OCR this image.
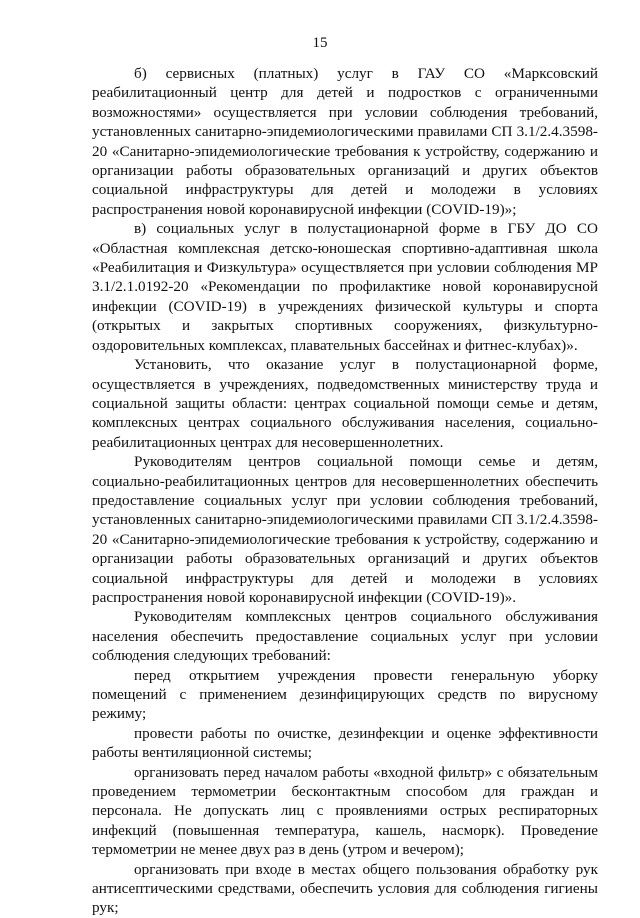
15

б) сервисных (платных) услуг в ГАУ СО «Марксовский реабилитационный центр для детей и подростков с ограниченными возможностями» осуществляется при условии соблюдения требований, установленных санитарно-эпидемиологическими правилами СП 3.1/2.4.3598-20 «Санитарно-эпидемиологические требования к устройству, содержанию и организации работы образовательных организаций и других объектов социальной инфраструктуры для детей и молодежи в условиях распространения новой коронавирусной инфекции (COVID-19)»;

в) социальных услуг в полустационарной форме в ГБУ ДО СО «Областная комплексная детско-юношеская спортивно-адаптивная школа «Реабилитация и Физкультура» осуществляется при условии соблюдения МР 3.1/2.1.0192-20 «Рекомендации по профилактике новой коронавирусной инфекции (COVID-19) в учреждениях физической культуры и спорта (открытых и закрытых спортивных сооружениях, физкультурно-оздоровительных комплексах, плавательных бассейнах и фитнес-клубах)».

Установить, что оказание услуг в полустационарной форме, осуществляется в учреждениях, подведомственных министерству труда и социальной защиты области: центрах социальной помощи семье и детям, комплексных центрах социального обслуживания населения, социально-реабилитационных центрах для несовершеннолетних.

Руководителям центров социальной помощи семье и детям, социально-реабилитационных центров для несовершеннолетних обеспечить предоставление социальных услуг при условии соблюдения требований, установленных санитарно-эпидемиологическими правилами СП 3.1/2.4.3598-20 «Санитарно-эпидемиологические требования к устройству, содержанию и организации работы образовательных организаций и других объектов социальной инфраструктуры для детей и молодежи в условиях распространения новой коронавирусной инфекции (COVID-19)».

Руководителям комплексных центров социального обслуживания населения обеспечить предоставление социальных услуг при условии соблюдения следующих требований:

перед открытием учреждения провести генеральную уборку помещений с применением дезинфицирующих средств по вирусному режиму;

провести работы по очистке, дезинфекции и оценке эффективности работы вентиляционной системы;

организовать перед началом работы «входной фильтр» с обязательным проведением термометрии бесконтактным способом для граждан и персонала. Не допускать лиц с проявлениями острых респираторных инфекций (повышенная температура, кашель, насморк). Проведение термометрии не менее двух раз в день (утром и вечером);

организовать при входе в местах общего пользования обработку рук антисептическими средствами, обеспечить условия для соблюдения гигиены рук;
